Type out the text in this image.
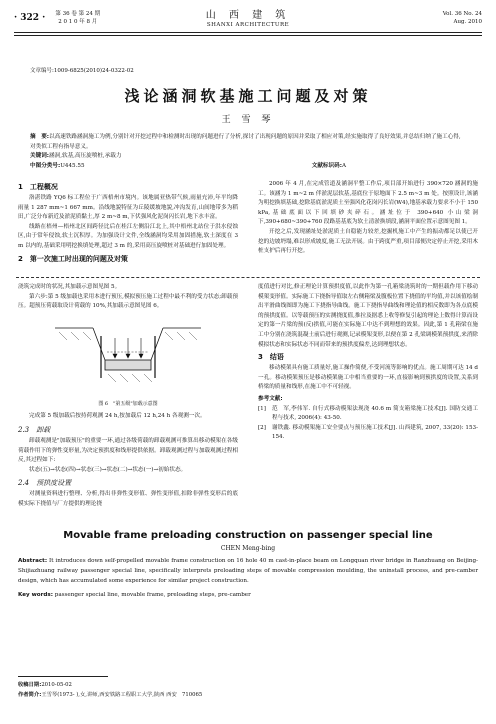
· 322 · 第 36 卷 第 24 期
2 0 1 0 年 8 月
山 西 建 筑
SHANXI ARCHITECTURE
Vol. 36 No. 24
Aug. 2010
文章编号:1009-6825(2010)24-0322-02
浅论涵洞软基施工问题及对策
王 雪 琴

摘　要:以高速铁路涵洞施工为例,分别针对开挖过程中和检测时出现的问题进行了分析,探讨了出现问题的原因并采取了相应对策,经实施取得了良好效果,并总结归纳了施工心得,对类似工程有指导意义。

关键词:涵洞,软基,高压旋喷桩,承载力

中图分类号:U445.55	文献标识码:A
1　工程概况

洛湛铁路 YQ6 标工程位于广西梧州市境内。该地属亚热带气候,雨量充沛,年平均降雨量 1 287 mm~1 667 mm。沿线地貌特征为丘陵缓坡地貌,冲沟发育,山间地带多为稻田,广泛分布新近及淤泥质黏土,厚 2 m~8 m,下伏强风化泥岗闪长岩,地下水丰富。

线路在梧州—梧州北区间跨径比后在桂江左侧沿江北上,其中梧州北站位于洪水侵蚀区,由于常年侵蚀,软土沉积厚。为加强设计文件,全线涵洞均采用加固措施,软土深度在 3 m 以内的,基础采用明挖换填处理,超过 3 m 的,采用高压旋喷桩对基础进行加固处理。

2　第一次施工时出现的问题及对策

2006 年 4 月,在完成管道及涵洞平整工作后,项目部开始进行 390×720 涵洞的施工。该涵为 1 m~2 m 伴淤泥层软基,基底位于原地面下 2.5 m~3 m 处。按照设计,该涵为明挖换填基础,挖除基底淤泥质土至强风化花岗闪长岩(W4),地基承载力要求不小于 150 kPa,基础底面以下回填砂夹碎石。涵址位于 390+640 小山梁洞下,390+680~390+760 段路基基底为软土清淤换填段,涵洞平面位置示意图见图 1。

开挖之后,发现涵址处淤泥质土自稳能力较差,挖掘机施工中产生的振动都足以使已开挖的边坡坍塌,难以形成坡度,施工无法开展。由于跨度严重,项目部便决定停止开挖,采用木桩支护后再行开挖。

浇筑完成时的状况,其加载示意图见图 5。

第六步:第 5 级加载也采用本进行预压,模拟预压施工过程中最不利的受力状态;卸载预压。超预压荷载取设计荷载的 10%,其加载示意图见图 6。

图 6　"第五级"加载示意图

完成第 5 级加载后按持荷观测 24 h,按加载后 12 h,24 h 各观测一次。

2.3　卸载

卸载观测是"加载预压"的重要一环,通过各级荷载的卸载观测可推算出移动模架在各级荷载作用下的弹性变形量,为决定预拱度和线形提供依据。卸载观测过程与加载观测过程相反,其过程如下:

状态(五)→状态(四)→状态(三)→状态(二)→状态(一)→初始状态。

2.4　预拱度设置

对测量资料进行整理、分析,得出非弹性变形值、弹性变形值,扣除非弹性变形后的底模实际下挠值与厂方提供的理论挠

度值进行对比,修正理论计算预拱度值,以此作为第一孔箱梁浇筑时的一期但载作用下移动模架变形值。实际施工下挠指导值取左右侧箱梁及腹板位置下挠值的平均值,并以该值绘制出平滑曲线图即为施工下挠指导曲线。施工下挠指导曲线和理论值的相反数即为各点底模的预拱度值。以等载预压的实测挠度值,推拉及据悉上收等修复引起的理论上数得计算而设定的第一片梁的预(反)拱值,可能在实际施工中达不到理想的效果。因此,第 1 孔箱梁在施工中分别在浇筑混凝土前后进行观测,记录模架变形,以便在第 2 孔梁调模架预拱度,来消除模拟状态和实际状态不同而带来的预拱度偏差,达到理想状态。

3　结语

移动模架具有施工质量好,施工操作简便,不受河流等影响的优点。施工周期可达 14 d 一孔。移动模架预压是移动模架施工中相当重要的一环,直接影响到预拱度的设置,关系到桥梁的质量和线形,在施工中不可轻视。

参考文献:
[1] 范　军,李伟军. 自行式移动模架法现浇 40.6 m 简支箱梁施工技术[J]. 国防交通工程与技术, 2006(4): 43-50.
[2] 谢铁鑫. 移动模架施工安全要点与预压施工技术[J]. 山西建筑, 2007, 33(20): 153-154.
Movable frame preloading construction on passenger special line
CHEN Meng-bing
Abstract: It introduces down self-propelled movable frame construction on 16 hole 40 m cast-in-place beam on Longquan river bridge in Ranzhuang on Beijing-Shijiazhuang railway passenger special line, specifically interprets preloading steps of movable compression moulding, the uninstall process, and pre-camber design, which has accumulated some experience for similar project construction.
Key words: passenger special line, movable frame, preloading steps, pre-camber
收稿日期:2010-05-02
作者简介:王雪琴(1973- ),女,讲师,西安铁路工程职工大学,陕西 西安　710065
